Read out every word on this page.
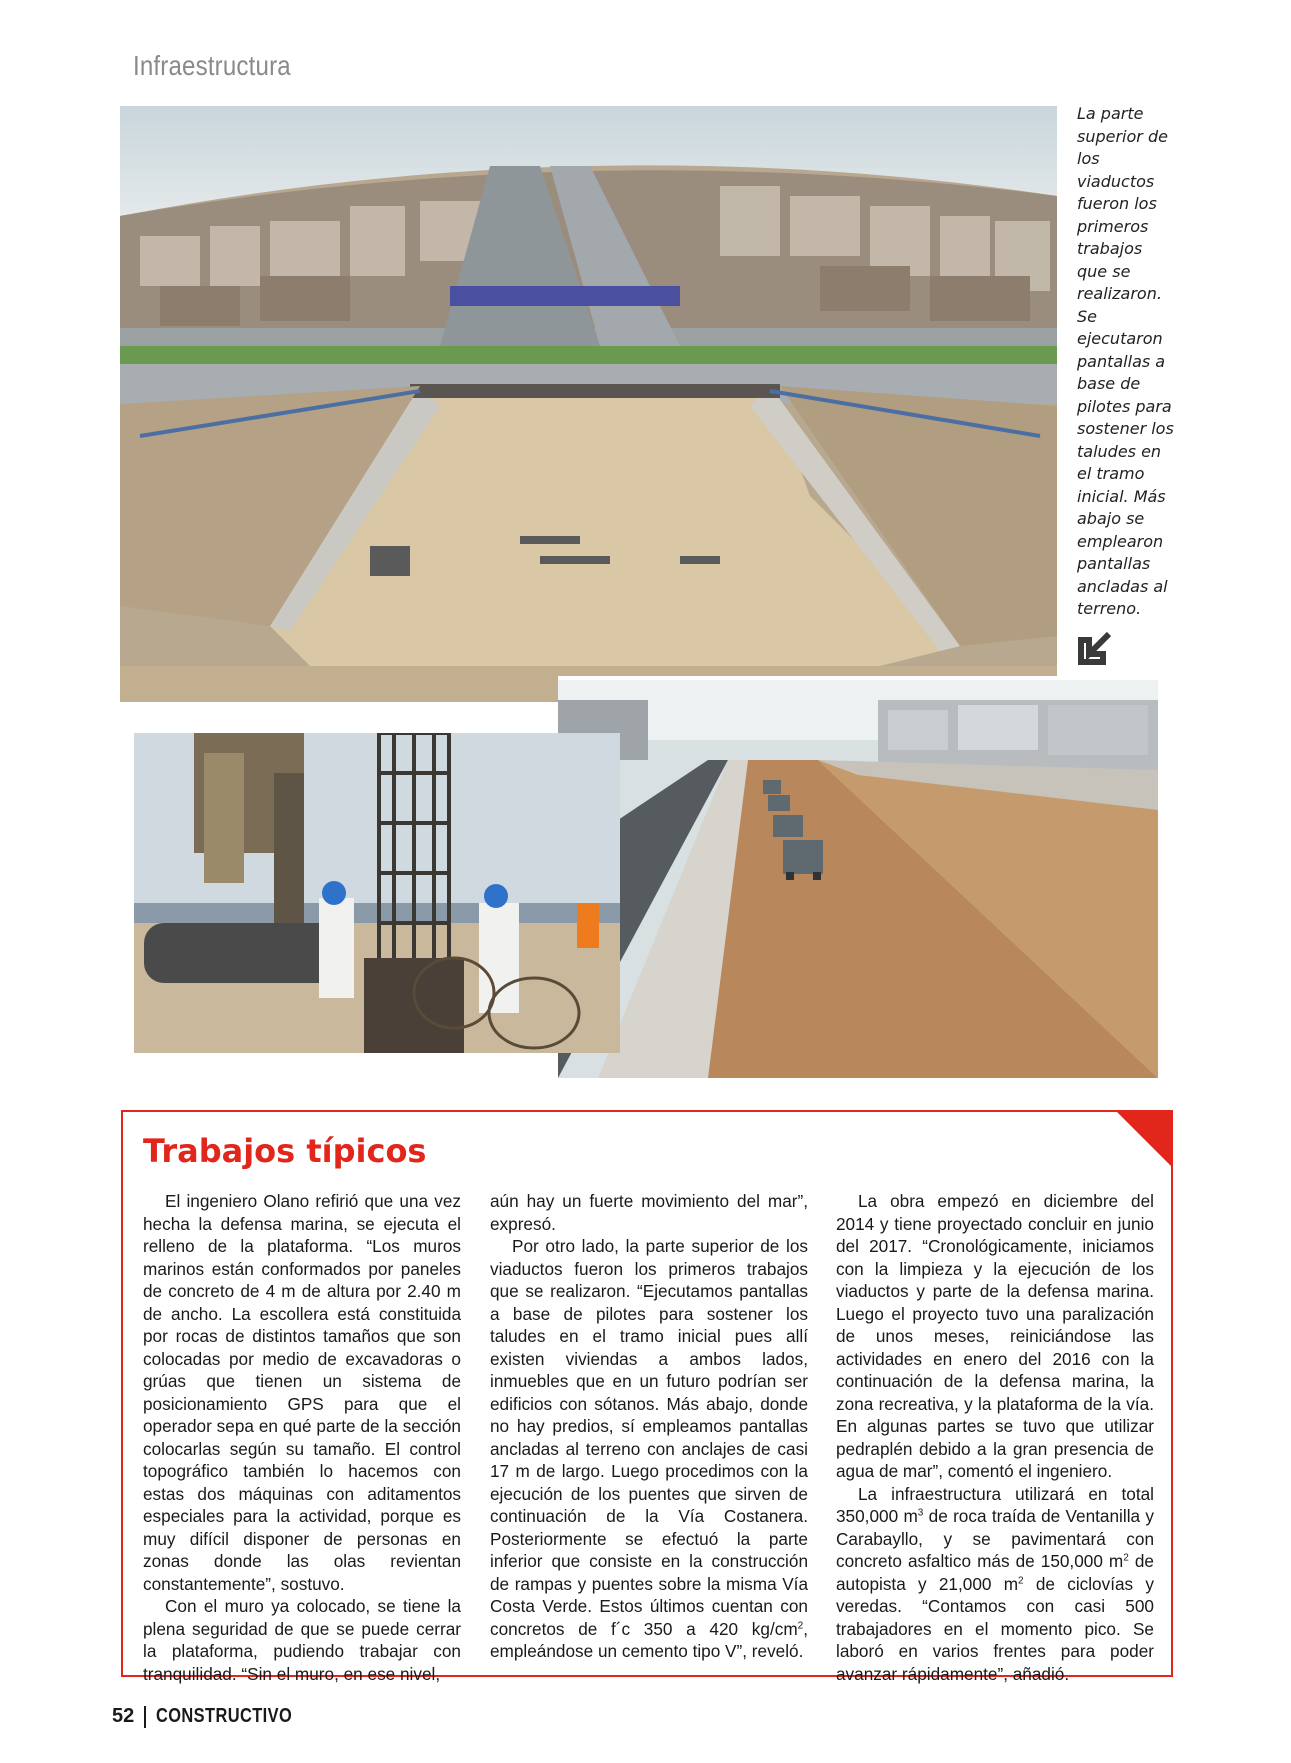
Infraestructura
La parte superior de los viaductos fueron los primeros trabajos que se realizaron. Se ejecutaron pantallas a base de pilotes para sostener los taludes en el tramo inicial. Más abajo se emplearon pantallas ancladas al terreno.
Trabajos típicos

El ingeniero Olano refirió que una vez hecha la defensa marina, se ejecuta el relleno de la plataforma. “Los muros marinos están conformados por paneles de concreto de 4 m de altura por 2.40 m de ancho. La escollera está constituida por rocas de distintos tamaños que son colocadas por medio de excavadoras o grúas que tienen un sistema de posicionamiento GPS para que el operador sepa en qué parte de la sección colocarlas según su tamaño. El control topográfico también lo hacemos con estas dos máquinas con aditamentos especiales para la actividad, porque es muy difícil disponer de personas en zonas donde las olas revientan constantemente”, sostuvo.

Con el muro ya colocado, se tiene la plena seguridad de que se puede cerrar la plataforma, pudiendo trabajar con tranquilidad. “Sin el muro, en ese nivel,

aún hay un fuerte movimiento del mar”, expresó.

Por otro lado, la parte superior de los viaductos fueron los primeros trabajos que se realizaron. “Ejecutamos pantallas a base de pilotes para sostener los taludes en el tramo inicial pues allí existen viviendas a ambos lados, inmuebles que en un futuro podrían ser edificios con sótanos. Más abajo, donde no hay predios, sí empleamos pantallas ancladas al terreno con anclajes de casi 17 m de largo. Luego procedimos con la ejecución de los puentes que sirven de continuación de la Vía Costanera. Posteriormente se efectuó la parte inferior que consiste en la construcción de rampas y puentes sobre la misma Vía Costa Verde. Estos últimos cuentan con concretos de f´c 350 a 420 $kg/cm^2$, empleándose un cemento tipo V”, reveló.

La obra empezó en diciembre del 2014 y tiene proyectado concluir en junio del 2017. “Cronológicamente, iniciamos con la limpieza y la ejecución de los viaductos y parte de la defensa marina. Luego el proyecto tuvo una paralización de unos meses, reiniciándose las actividades en enero del 2016 con la continuación de la defensa marina, la zona recreativa, y la plataforma de la vía. En algunas partes se tuvo que utilizar pedraplén debido a la gran presencia de agua de mar”, comentó el ingeniero.

La infraestructura utilizará en total 350,000 $m^3$ de roca traída de Ventanilla y Carabayllo, y se pavimentará con concreto asfaltico más de 150,000 $m^2$ de autopista y 21,000 $m^2$ de ciclovías y veredas. “Contamos con casi 500 trabajadores en el momento pico. Se laboró en varios frentes para poder avanzar rápidamente”, añadió.

52 CONSTRUCTIVO
